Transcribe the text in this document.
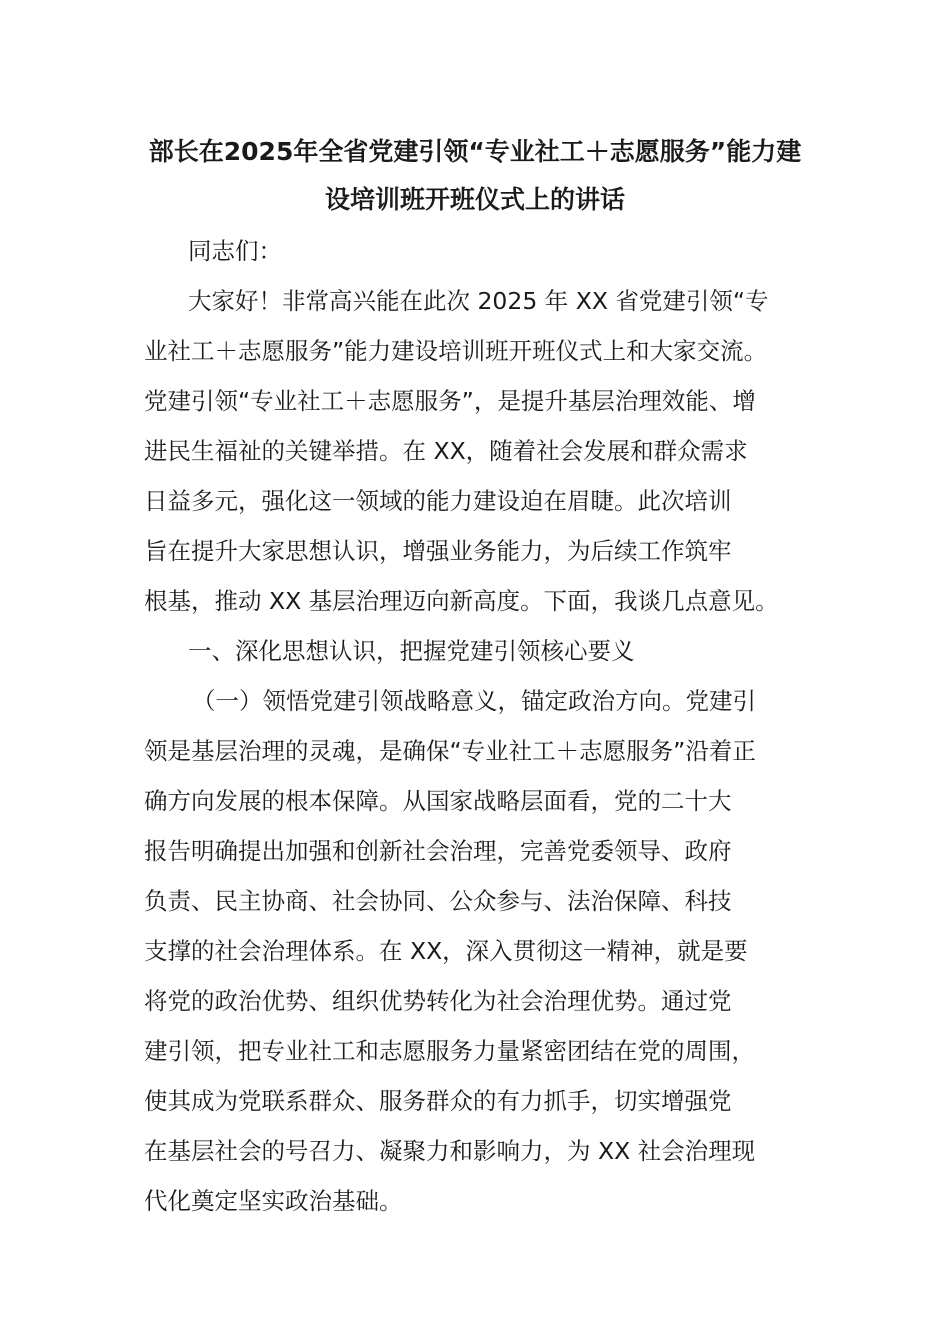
部长在2025年全省党建引领“专业社工＋志愿服务”能力建
设培训班开班仪式上的讲话
同志们：
大家好！非常高兴能在此次 2025 年 XX 省党建引领“专
业社工＋志愿服务”能力建设培训班开班仪式上和大家交流。
党建引领“专业社工＋志愿服务”，是提升基层治理效能、增
进民生福祉的关键举措。在 XX，随着社会发展和群众需求
日益多元，强化这一领域的能力建设迫在眉睫。此次培训
旨在提升大家思想认识，增强业务能力，为后续工作筑牢
根基，推动 XX 基层治理迈向新高度。下面，我谈几点意见。
一、深化思想认识，把握党建引领核心要义
（一）领悟党建引领战略意义，锚定政治方向。党建引
领是基层治理的灵魂，是确保“专业社工＋志愿服务”沿着正
确方向发展的根本保障。从国家战略层面看，党的二十大
报告明确提出加强和创新社会治理，完善党委领导、政府
负责、民主协商、社会协同、公众参与、法治保障、科技
支撑的社会治理体系。在 XX，深入贯彻这一精神，就是要
将党的政治优势、组织优势转化为社会治理优势。通过党
建引领，把专业社工和志愿服务力量紧密团结在党的周围，
使其成为党联系群众、服务群众的有力抓手，切实增强党
在基层社会的号召力、凝聚力和影响力，为 XX 社会治理现
代化奠定坚实政治基础。
